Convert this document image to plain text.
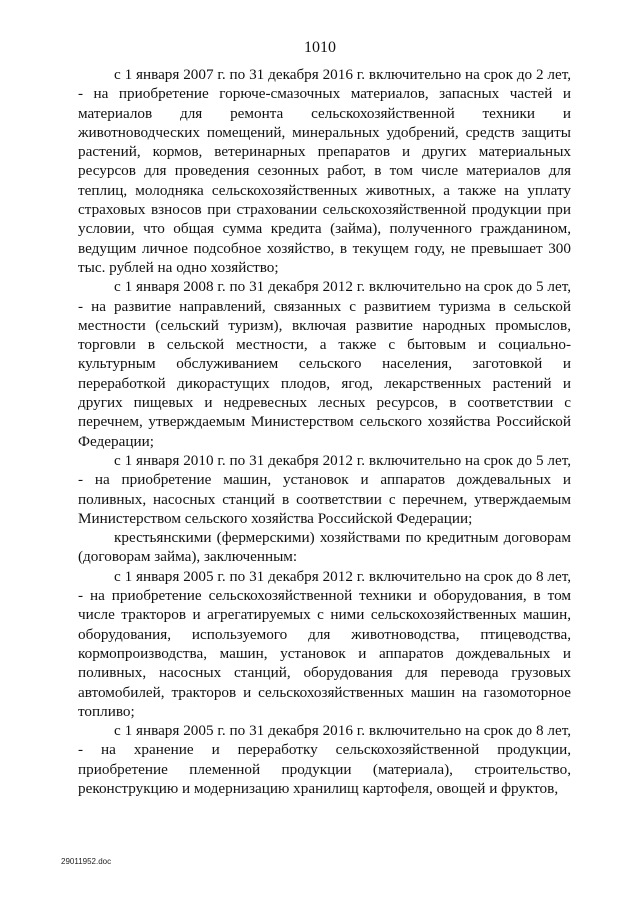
1010

с 1 января 2007 г. по 31 декабря 2016 г. включительно на срок до 2 лет, - на приобретение горюче-смазочных материалов, запасных частей и материалов для ремонта сельскохозяйственной техники и животноводческих помещений, минеральных удобрений, средств защиты растений, кормов, ветеринарных препаратов и других материальных ресурсов для проведения сезонных работ, в том числе материалов для теплиц, молодняка сельскохозяйственных животных, а также на уплату страховых взносов при страховании сельскохозяйственной продукции при условии, что общая сумма кредита (займа), полученного гражданином, ведущим личное подсобное хозяйство, в текущем году, не превышает 300 тыс. рублей на одно хозяйство;

с 1 января 2008 г. по 31 декабря 2012 г. включительно на срок до 5 лет, - на развитие направлений, связанных с развитием туризма в сельской местности (сельский туризм), включая развитие народных промыслов, торговли в сельской местности, а также с бытовым и социально-культурным обслуживанием сельского населения, заготовкой и переработкой дикорастущих плодов, ягод, лекарственных растений и других пищевых и недревесных лесных ресурсов, в соответствии с перечнем, утверждаемым Министерством сельского хозяйства Российской Федерации;

с 1 января 2010 г. по 31 декабря 2012 г. включительно на срок до 5 лет, - на приобретение машин, установок и аппаратов дождевальных и поливных, насосных станций в соответствии с перечнем, утверждаемым Министерством сельского хозяйства Российской Федерации;

крестьянскими (фермерскими) хозяйствами по кредитным договорам (договорам займа), заключенным:

с 1 января 2005 г. по 31 декабря 2012 г. включительно на срок до 8 лет, - на приобретение сельскохозяйственной техники и оборудования, в том числе тракторов и агрегатируемых с ними сельскохозяйственных машин, оборудования, используемого для животноводства, птицеводства, кормопроизводства, машин, установок и аппаратов дождевальных и поливных, насосных станций, оборудования для перевода грузовых автомобилей, тракторов и сельскохозяйственных машин на газомоторное топливо;

с 1 января 2005 г. по 31 декабря 2016 г. включительно на срок до 8 лет, - на хранение и переработку сельскохозяйственной продукции, приобретение племенной продукции (материала), строительство, реконструкцию и модернизацию хранилищ картофеля, овощей и фруктов,

29011952.doc
